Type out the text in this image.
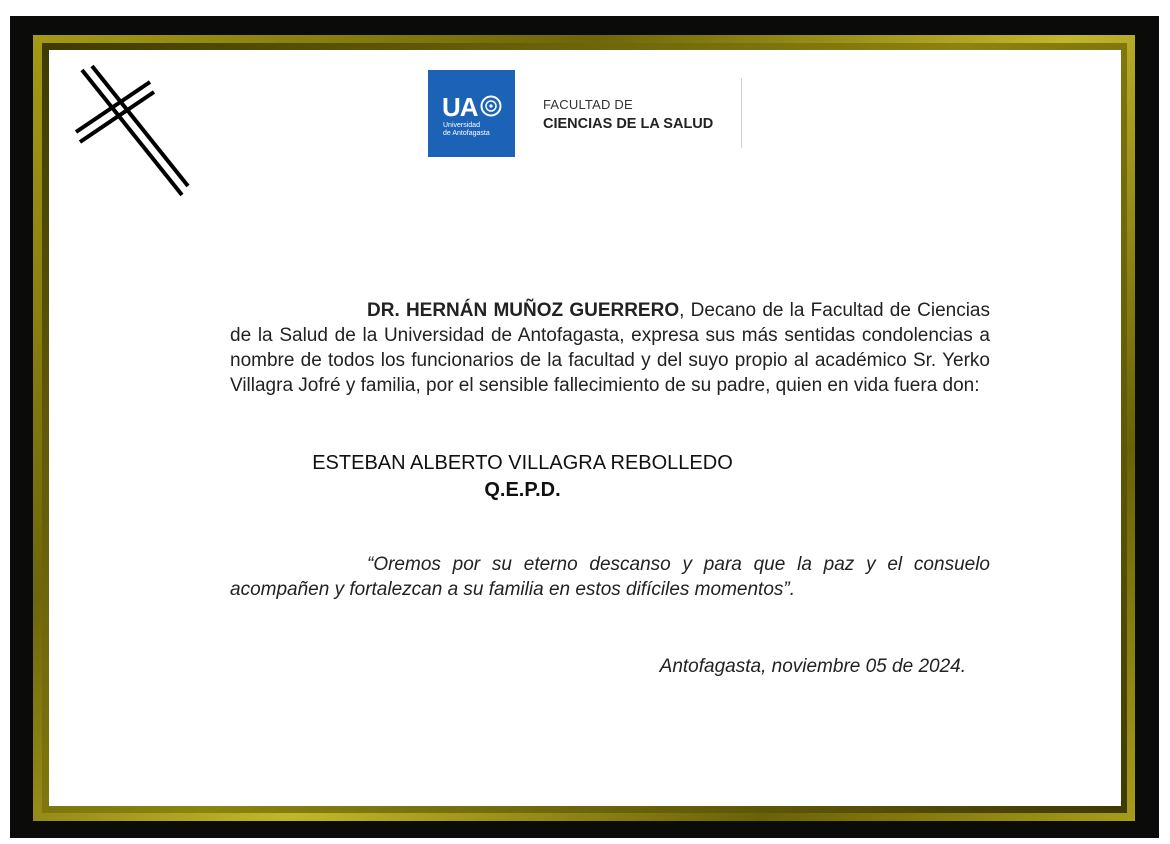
UA
Universidad
de Antofagasta
FACULTAD DE
CIENCIAS DE LA SALUD
DR. HERNÁN MUÑOZ GUERRERO, Decano de la Facultad de Ciencias de la Salud de la Universidad de Antofagasta, expresa sus más sentidas condolencias a nombre de todos los funcionarios de la facultad y del suyo propio al académico Sr. Yerko Villagra Jofré y familia, por el sensible fallecimiento de su padre, quien en vida fuera don:
ESTEBAN ALBERTO VILLAGRA REBOLLEDO
Q.E.P.D.
“Oremos por su eterno descanso y para que la paz y el consuelo acompañen y fortalezcan a su familia en estos difíciles momentos”.
Antofagasta, noviembre 05 de 2024.
